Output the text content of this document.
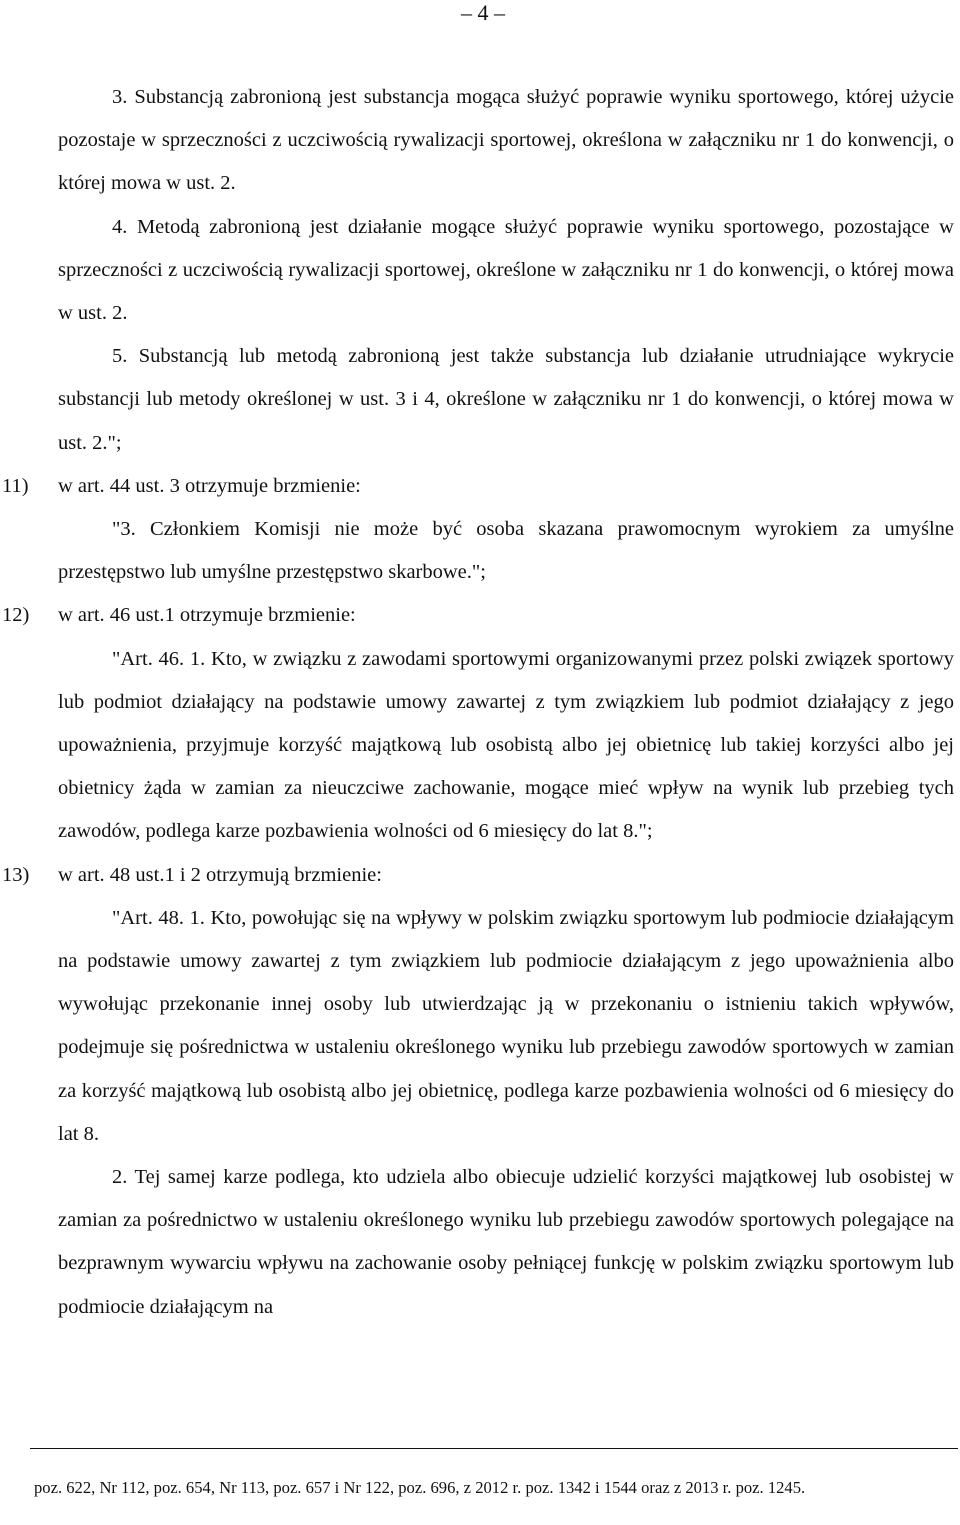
– 4 –

3. Substancją zabronioną jest substancja mogąca służyć poprawie wyniku sportowego, której użycie pozostaje w sprzeczności z uczciwością rywalizacji sportowej, określona w załączniku nr 1 do konwencji, o której mowa w ust. 2.

4. Metodą zabronioną jest działanie mogące służyć poprawie wyniku sportowego, pozostające w sprzeczności z uczciwością rywalizacji sportowej, określone w załączniku nr 1 do konwencji, o której mowa w ust. 2.

5. Substancją lub metodą zabronioną jest także substancja lub działanie utrudniające wykrycie substancji lub metody określonej w ust. 3 i 4, określone w załączniku nr 1 do konwencji, o której mowa w ust. 2.";

11) w art. 44 ust. 3 otrzymuje brzmienie:

"3. Członkiem Komisji nie może być osoba skazana prawomocnym wyrokiem za umyślne przestępstwo lub umyślne przestępstwo skarbowe.";

12) w art. 46 ust.1 otrzymuje brzmienie:

"Art. 46. 1. Kto, w związku z zawodami sportowymi organizowanymi przez polski związek sportowy lub podmiot działający na podstawie umowy zawartej z tym związkiem lub podmiot działający z jego upoważnienia, przyjmuje korzyść majątkową lub osobistą albo jej obietnicę lub takiej korzyści albo jej obietnicy żąda w zamian za nieuczciwe zachowanie, mogące mieć wpływ na wynik lub przebieg tych zawodów, podlega karze pozbawienia wolności od 6 miesięcy do lat 8.";

13) w art. 48 ust.1 i 2 otrzymują brzmienie:

"Art. 48. 1. Kto, powołując się na wpływy w polskim związku sportowym lub podmiocie działającym na podstawie umowy zawartej z tym związkiem lub podmiocie działającym z jego upoważnienia albo wywołując przekonanie innej osoby lub utwierdzając ją w przekonaniu o istnieniu takich wpływów, podejmuje się pośrednictwa w ustaleniu określonego wyniku lub przebiegu zawodów sportowych w zamian za korzyść majątkową lub osobistą albo jej obietnicę, podlega karze pozbawienia wolności od 6 miesięcy do lat 8.

2. Tej samej karze podlega, kto udziela albo obiecuje udzielić korzyści majątkowej lub osobistej w zamian za pośrednictwo w ustaleniu określonego wyniku lub przebiegu zawodów sportowych polegające na bezprawnym wywarciu wpływu na zachowanie osoby pełniącej funkcję w polskim związku sportowym lub podmiocie działającym na

poz. 622, Nr 112, poz. 654, Nr 113, poz. 657 i Nr 122, poz. 696, z 2012 r. poz. 1342 i 1544 oraz z 2013 r. poz. 1245.
